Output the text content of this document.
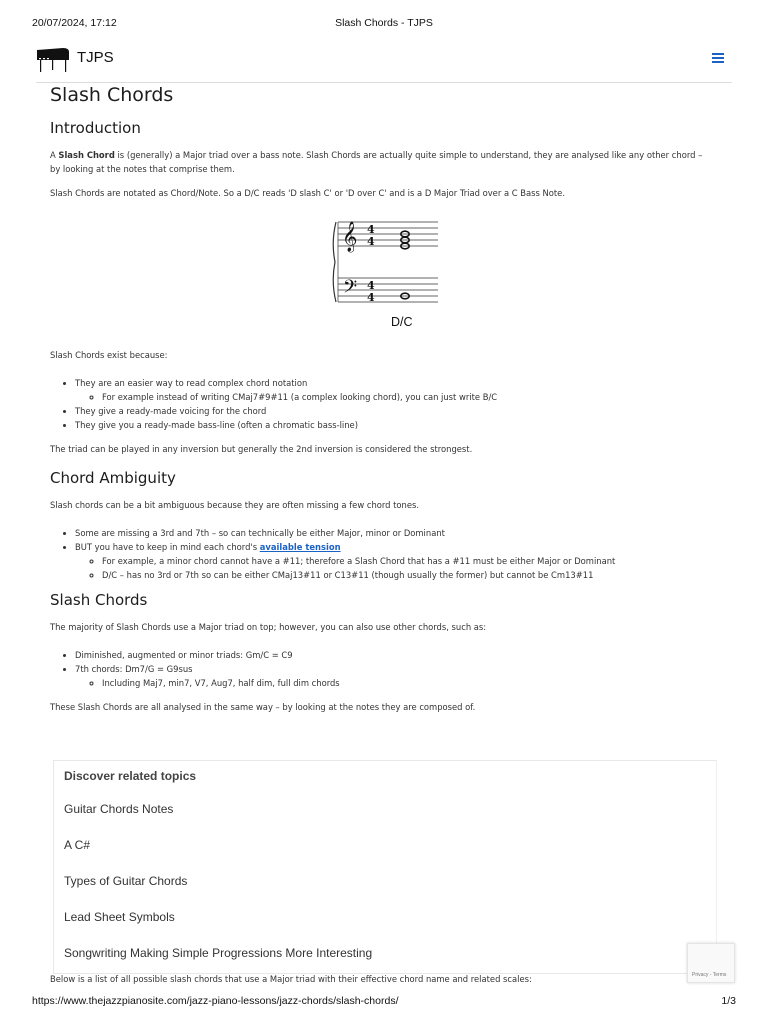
20/07/2024, 17:12	Slash Chords - TJPS
TJPS
Slash Chords
Introduction

A Slash Chord is (generally) a Major triad over a bass note. Slash Chords are actually quite simple to understand, they are analysed like any other chord – by looking at the notes that comprise them.

Slash Chords are notated as Chord/Note. So a D/C reads 'D slash C' or 'D over C' and is a D Major Triad over a C Bass Note.

𝄞
𝄢
4
4
4
4
D/C

Slash Chords exist because:

• They are an easier way to read complex chord notation
◦ For example instead of writing CMaj7#9#11 (a complex looking chord), you can just write B/C
• They give a ready-made voicing for the chord
• They give you a ready-made bass-line (often a chromatic bass-line)

The triad can be played in any inversion but generally the 2nd inversion is considered the strongest.

Chord Ambiguity

Slash chords can be a bit ambiguous because they are often missing a few chord tones.

• Some are missing a 3rd and 7th – so can technically be either Major, minor or Dominant
• BUT you have to keep in mind each chord's available tension
◦ For example, a minor chord cannot have a #11; therefore a Slash Chord that has a #11 must be either Major or Dominant
◦ D/C – has no 3rd or 7th so can be either CMaj13#11 or C13#11 (though usually the former) but cannot be Cm13#11
Slash Chords

The majority of Slash Chords use a Major triad on top; however, you can also use other chords, such as:

• Diminished, augmented or minor triads: Gm/C = C9
• 7th chords: Dm7/G = G9sus
◦ Including Maj7, min7, V7, Aug7, half dim, full dim chords

These Slash Chords are all analysed in the same way – by looking at the notes they are composed of.

Discover related topics
Guitar Chords Notes
A C#
Types of Guitar Chords
Lead Sheet Symbols
Songwriting Making Simple Progressions More Interesting
Privacy - Terms

Below is a list of all possible slash chords that use a Major triad with their effective chord name and related scales:

https://www.thejazzpianosite.com/jazz-piano-lessons/jazz-chords/slash-chords/	1/3
